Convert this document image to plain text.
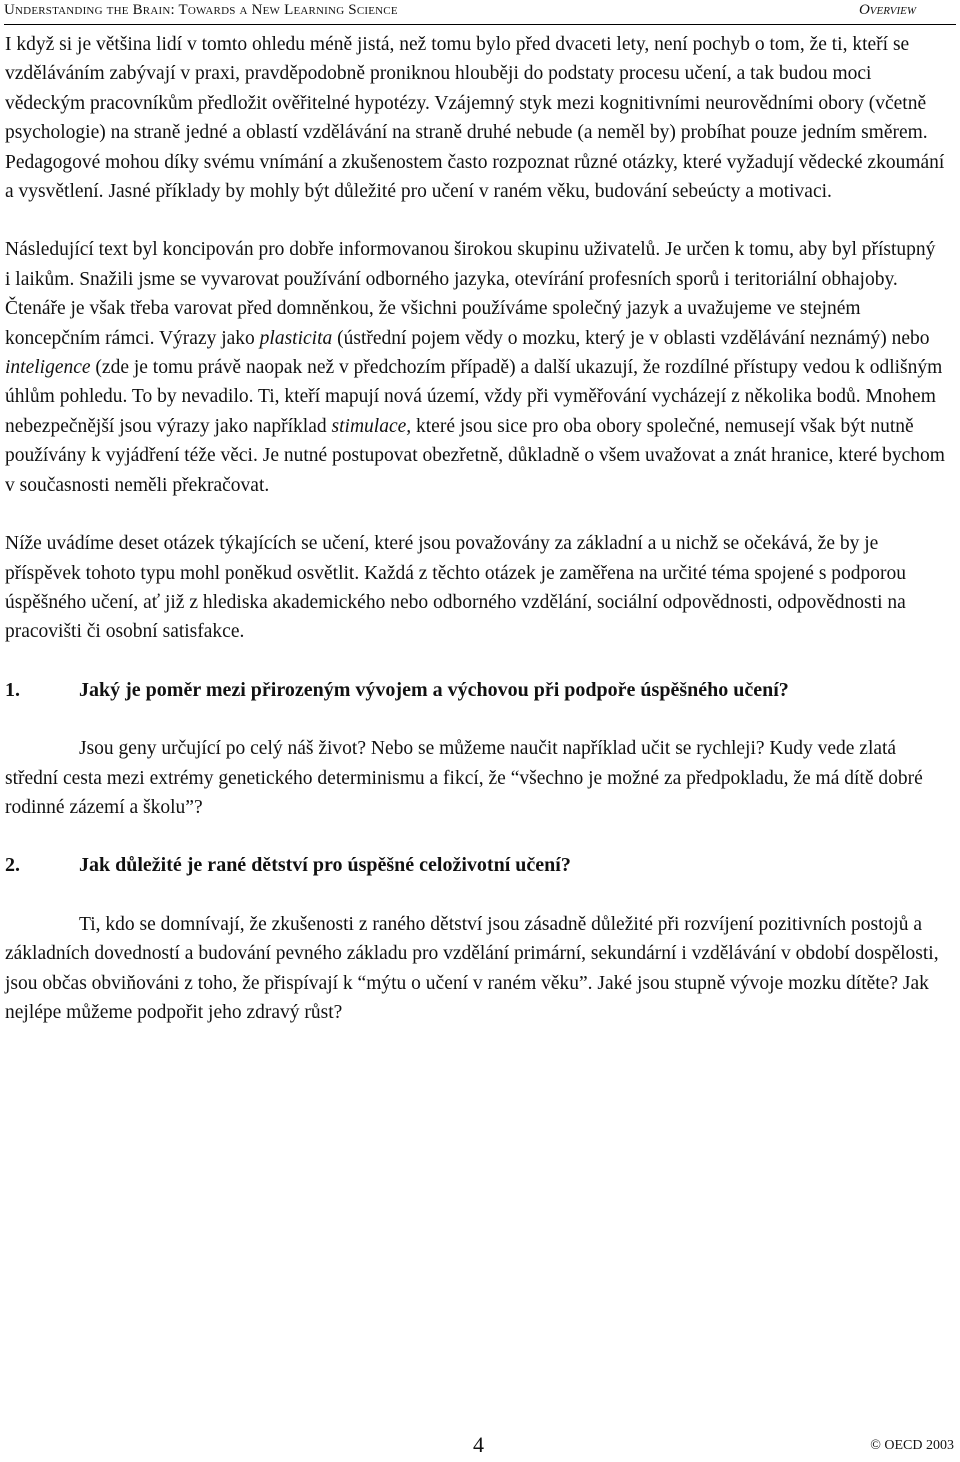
Understanding the Brain: Towards a New Learning Science	Overview

I když si je většina lidí v tomto ohledu méně jistá, než tomu bylo před dvaceti lety, není pochyb o tom, že ti, kteří se vzděláváním zabývají v praxi, pravděpodobně proniknou hlouběji do podstaty procesu učení, a tak budou moci vědeckým pracovníkům předložit ověřitelné hypotézy. Vzájemný styk mezi kognitivními neurovědními obory (včetně psychologie) na straně jedné a oblastí vzdělávání na straně druhé nebude (a neměl by) probíhat pouze jedním směrem. Pedagogové mohou díky svému vnímání a zkušenostem často rozpoznat různé otázky, které vyžadují vědecké zkoumání a vysvětlení. Jasné příklady by mohly být důležité pro učení v raném věku, budování sebeúcty a motivaci.

Následující text byl koncipován pro dobře informovanou širokou skupinu uživatelů. Je určen k tomu, aby byl přístupný i laikům. Snažili jsme se vyvarovat používání odborného jazyka, otevírání profesních sporů i teritoriální obhajoby. Čtenáře je však třeba varovat před domněnkou, že všichni používáme společný jazyk a uvažujeme ve stejném koncepčním rámci. Výrazy jako plasticita (ústřední pojem vědy o mozku, který je v oblasti vzdělávání neznámý) nebo inteligence (zde je tomu právě naopak než v předchozím případě) a další ukazují, že rozdílné přístupy vedou k odlišným úhlům pohledu. To by nevadilo. Ti, kteří mapují nová území, vždy při vyměřování vycházejí z několika bodů. Mnohem nebezpečnější jsou výrazy jako například stimulace, které jsou sice pro oba obory společné, nemusejí však být nutně používány k vyjádření téže věci. Je nutné postupovat obezřetně, důkladně o všem uvažovat a znát hranice, které bychom v současnosti neměli překračovat.

Níže uvádíme deset otázek týkajících se učení, které jsou považovány za základní a u nichž se očekává, že by je příspěvek tohoto typu mohl poněkud osvětlit. Každá z těchto otázek je zaměřena na určité téma spojené s podporou úspěšného učení, ať již z hlediska akademického nebo odborného vzdělání, sociální odpovědnosti, odpovědnosti na pracovišti či osobní satisfakce.

1.	Jaký je poměr mezi přirozeným vývojem a výchovou při podpoře úspěšného učení?

Jsou geny určující po celý náš život? Nebo se můžeme naučit například učit se rychleji? Kudy vede zlatá střední cesta mezi extrémy genetického determinismu a fikcí, že “všechno je možné za předpokladu, že má dítě dobré rodinné zázemí a školu”?

2.	Jak důležité je rané dětství pro úspěšné celoživotní učení?

Ti, kdo se domnívají, že zkušenosti z raného dětství jsou zásadně důležité při rozvíjení pozitivních postojů a základních dovedností a budování pevného základu pro vzdělání primární, sekundární i vzdělávání v období dospělosti, jsou občas obviňováni z toho, že přispívají k “mýtu o učení v raném věku”. Jaké jsou stupně vývoje mozku dítěte? Jak nejlépe můžeme podpořit jeho zdravý růst?

4	© OECD 2003
